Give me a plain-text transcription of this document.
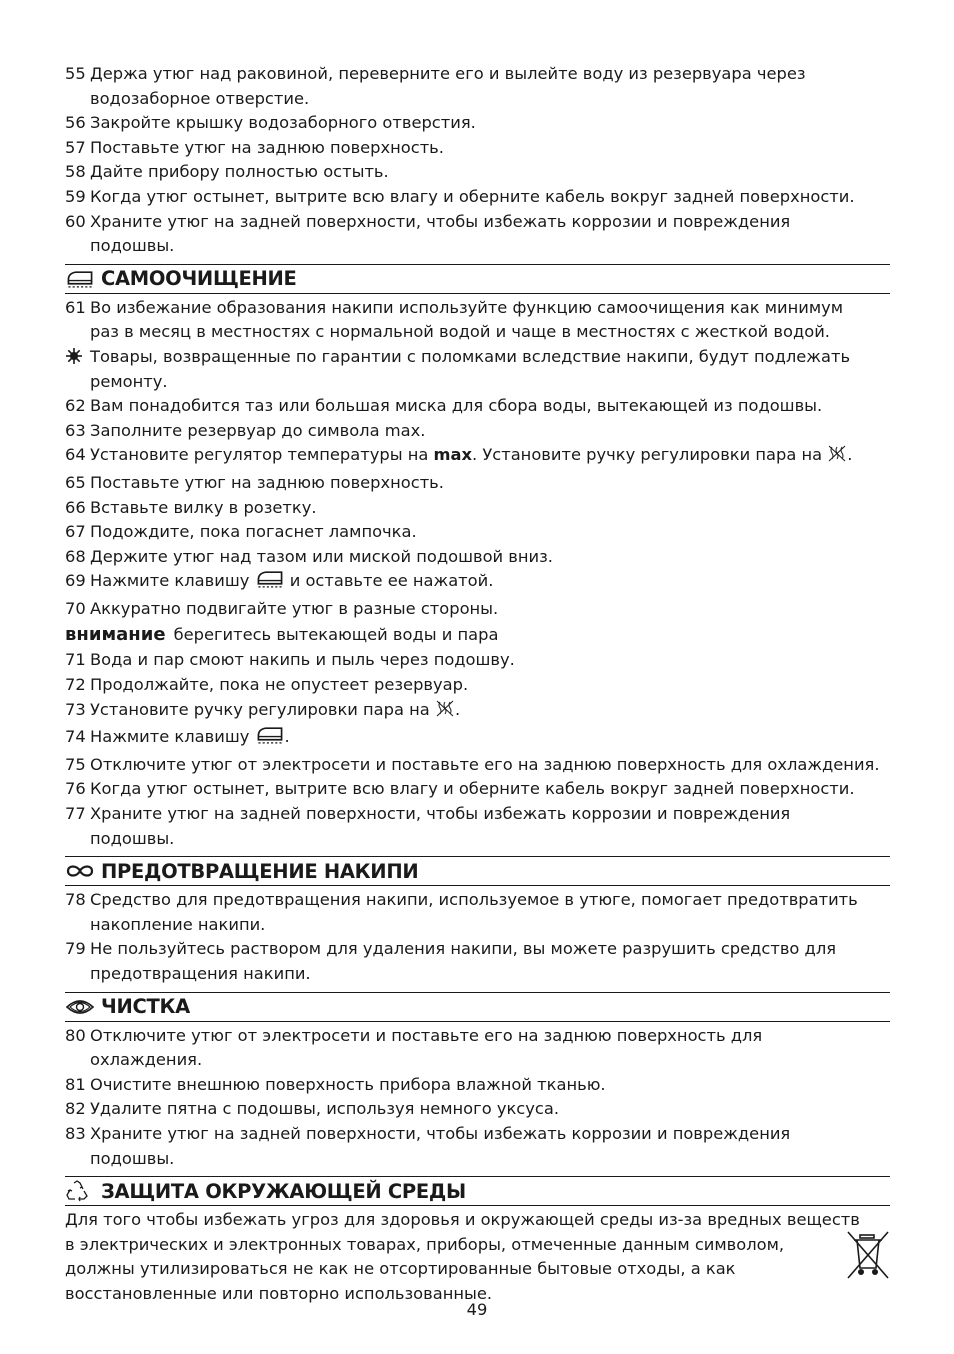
55 Держа утюг над раковиной, переверните его и вылейте воду из резервуара через
водозаборное отверстие.
56 Закройте крышку водозаборного отверстия.
57 Поставьте утюг на заднюю поверхность.
58 Дайте прибору полностью остыть.
59 Когда утюг остынет, вытрите всю влагу и оберните кабель вокруг задней поверхности.
60 Храните утюг на задней поверхности, чтобы избежать коррозии и повреждения
подошвы.
САМООЧИЩЕНИЕ
61 Во избежание образования накипи используйте функцию самоочищения как минимум
раз в месяц в местностях с нормальной водой и чаще в местностях с жесткой водой.
Товары, возвращенные по гарантии с поломками вследствие накипи, будут подлежать
ремонту.
62 Вам понадобится таз или большая миска для сбора воды, вытекающей из подошвы.
63 Заполните резервуар до символа max.
64 Установите регулятор температуры на max. Установите ручку регулировки пара на .
65 Поставьте утюг на заднюю поверхность.
66 Вставьте вилку в розетку.
67 Подождите, пока погаснет лампочка.
68 Держите утюг над тазом или миской подошвой вниз.
69 Нажмите клавишу  и оставьте ее нажатой.
70 Аккуратно подвигайте утюг в разные стороны.
внимание берегитесь вытекающей воды и пара
71 Вода и пар смоют накипь и пыль через подошву.
72 Продолжайте, пока не опустеет резервуар.
73 Установите ручку регулировки пара на .
74 Нажмите клавишу .
75 Отключите утюг от электросети и поставьте его на заднюю поверхность для охлаждения.
76 Когда утюг остынет, вытрите всю влагу и оберните кабель вокруг задней поверхности.
77 Храните утюг на задней поверхности, чтобы избежать коррозии и повреждения
подошвы.
ПРЕДОТВРАЩЕНИЕ НАКИПИ
78 Средство для предотвращения накипи, используемое в утюге, помогает предотвратить
накопление накипи.
79 Не пользуйтесь раствором для удаления накипи, вы можете разрушить средство для
предотвращения накипи.
ЧИСТКА
80 Отключите утюг от электросети и поставьте его на заднюю поверхность для
охлаждения.
81 Очистите внешнюю поверхность прибора влажной тканью.
82 Удалите пятна с подошвы, используя немного уксуса.
83 Храните утюг на задней поверхности, чтобы избежать коррозии и повреждения
подошвы.
ЗАЩИТА ОКРУЖАЮЩЕЙ СРЕДЫ
Для того чтобы избежать угроз для здоровья и окружающей среды из-за вредных веществ
в электрических и электронных товарах, приборы, отмеченные данным символом,
должны утилизироваться не как не отсортированные бытовые отходы, а как
восстановленные или повторно использованные.
49
